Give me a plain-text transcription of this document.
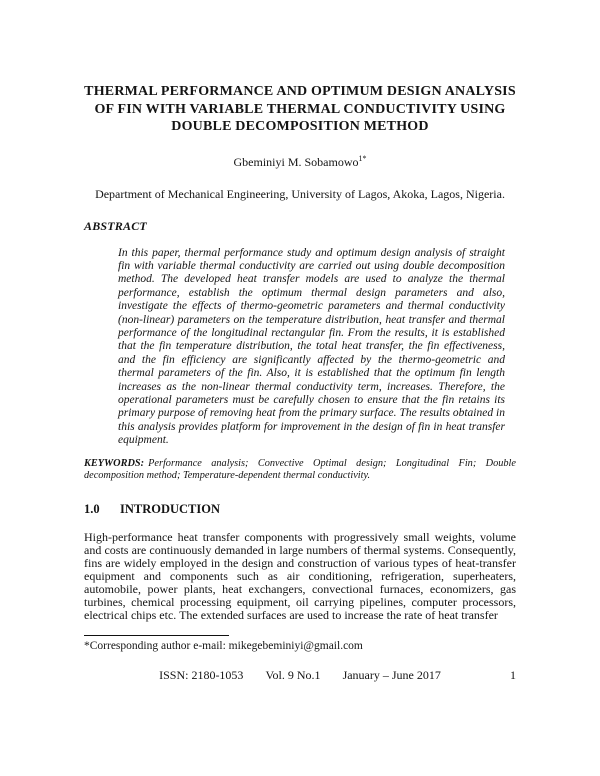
THERMAL PERFORMANCE AND OPTIMUM DESIGN ANALYSIS
OF FIN WITH VARIABLE THERMAL CONDUCTIVITY USING
DOUBLE DECOMPOSITION METHOD
Gbeminiyi M. Sobamowo$^{1*}$
Department of Mechanical Engineering, University of Lagos, Akoka, Lagos, Nigeria.
ABSTRACT
In this paper, thermal performance study and optimum design analysis of straight fin with variable thermal conductivity are carried out using double decomposition method. The developed heat transfer models are used to analyze the thermal performance, establish the optimum thermal design parameters and also, investigate the effects of thermo-geometric parameters and thermal conductivity (non-linear) parameters on the temperature distribution, heat transfer and thermal performance of the longitudinal rectangular fin. From the results, it is established that the fin temperature distribution, the total heat transfer, the fin effectiveness, and the fin efficiency are significantly affected by the thermo-geometric and thermal parameters of the fin. Also, it is established that the optimum fin length increases as the non-linear thermal conductivity term, increases. Therefore, the operational parameters must be carefully chosen to ensure that the fin retains its primary purpose of removing heat from the primary surface. The results obtained in this analysis provides platform for improvement in the design of fin in heat transfer equipment.
KEYWORDS: Performance analysis; Convective Optimal design; Longitudinal Fin; Double decomposition method; Temperature-dependent thermal conductivity.
1.0 INTRODUCTION
High-performance heat transfer components with progressively small weights, volume and costs are continuously demanded in large numbers of thermal systems. Consequently, fins are widely employed in the design and construction of various types of heat-transfer equipment and components such as air conditioning, refrigeration, superheaters, automobile, power plants, heat exchangers, convectional furnaces, economizers, gas turbines, chemical processing equipment, oil carrying pipelines, computer processors, electrical chips etc. The extended surfaces are used to increase the rate of heat transfer
*Corresponding author e-mail: mikegebeminiyi@gmail.com
ISSN: 2180-1053 Vol. 9 No.1 January – June 2017	1
